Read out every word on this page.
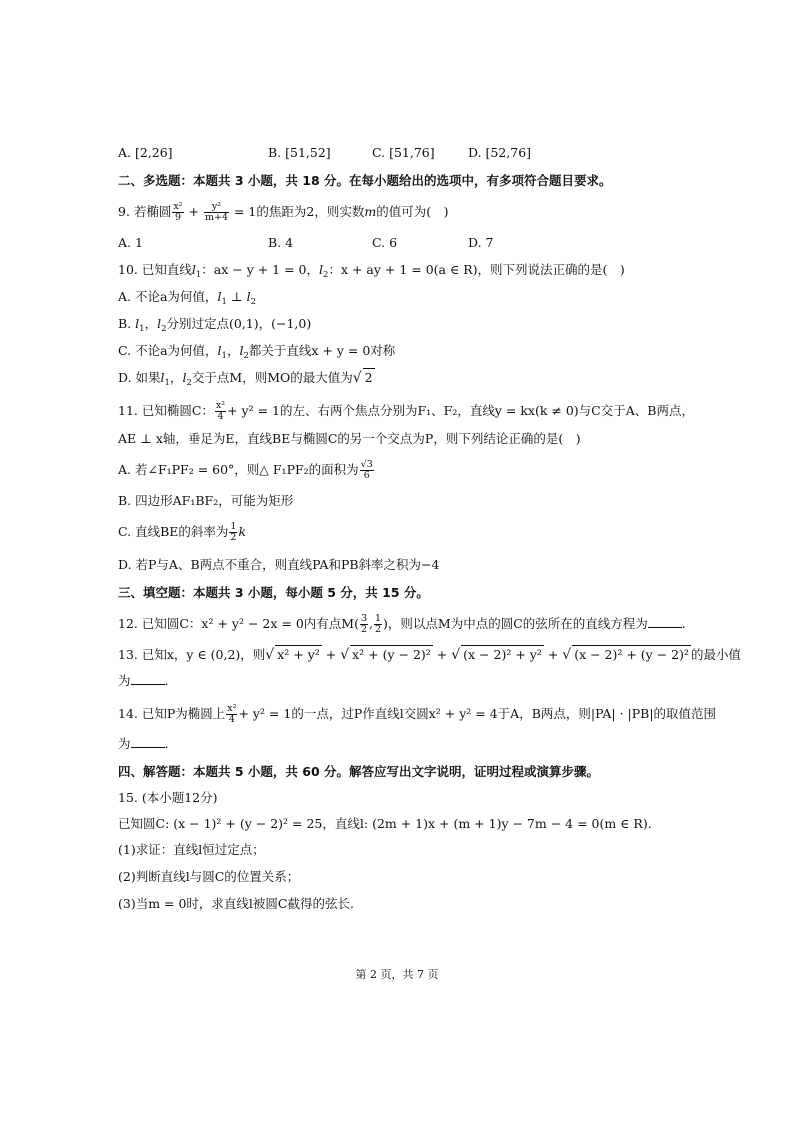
A. [2,26]	B. [51,52]	C. [51,76]	D. [52,76]
二、多选题：本题共 3 小题，共 18 分。在每小题给出的选项中，有多项符合题目要求。
9. 若椭圆 $\frac{\text{x²}}{9} + \frac{\text{y²}}{m+4} = 1$的焦距为2，则实数m的值可为(　)
A. 1	B. 4	C. 6	D. 7
10. 已知直线$l_1$：ax − y + 1 = 0，$l_2$：x + ay + 1 = 0(a ∈ R)，则下列说法正确的是(　)
A. 不论a为何值，$l_1$ ⊥ $l_2$
B. $l_1$，$l_2$分别过定点(0,1)，(−1,0)
C. 不论a为何值，$l_1$，$l_2$都关于直线x + y = 0对称
D. 如果$l_1$，$l_2$交于点M，则MO的最大值为√ 2
11. 已知椭圆C： $\frac{\text{x²}}{4} + y^2 = 1$的左、右两个焦点分别为F₁、F₂，直线y = kx(k ≠ 0)与C交于A、B两点，
AE ⊥ x轴，垂足为E，直线BE与椭圆C的另一个交点为P，则下列结论正确的是(　)
A. 若∠F₁PF₂ = 60°，则△ F₁PF₂的面积为 $\frac{√3}{6}$
B. 四边形AF₁BF₂，可能为矩形
C. 直线BE的斜率为 $\frac{1}{2}$ k
D. 若P与A、B两点不重合，则直线PA和PB斜率之积为−4
三、填空题：本题共 3 小题，每小题 5 分，共 15 分。
12. 已知圆C：x² + y² − 2x = 0内有点$M( \frac{3}{2}$ , $\frac{1}{2}$ )，则以点M为中点的圆C的弦所在的直线方程为	.
13. 已知x，y ∈ (0,2)，则√ x² + y² + √ x² + (y − 2)² + √ (x − 2)² + y² + √ (x − 2)² + (y − 2)² 的最小值
为	.
14. 已知P为椭圆上 $\frac{\text{x²}}{4} + y^2 = 1$的一点，过P作直线l交圆x² + y² = 4于A，B两点，则|PA| · |PB|的取值范围
为	.
四、解答题：本题共 5 小题，共 60 分。解答应写出文字说明，证明过程或演算步骤。
15. (本小题12分)
已知圆C: (x − 1)² + (y − 2)² = 25，直线l: (2m + 1)x + (m + 1)y − 7m − 4 = 0(m ∈ R).
(1)求证：直线l恒过定点；
(2)判断直线l与圆C的位置关系；
(3)当m = 0时，求直线l被圆C截得的弦长.
第 2 页，共 7 页
